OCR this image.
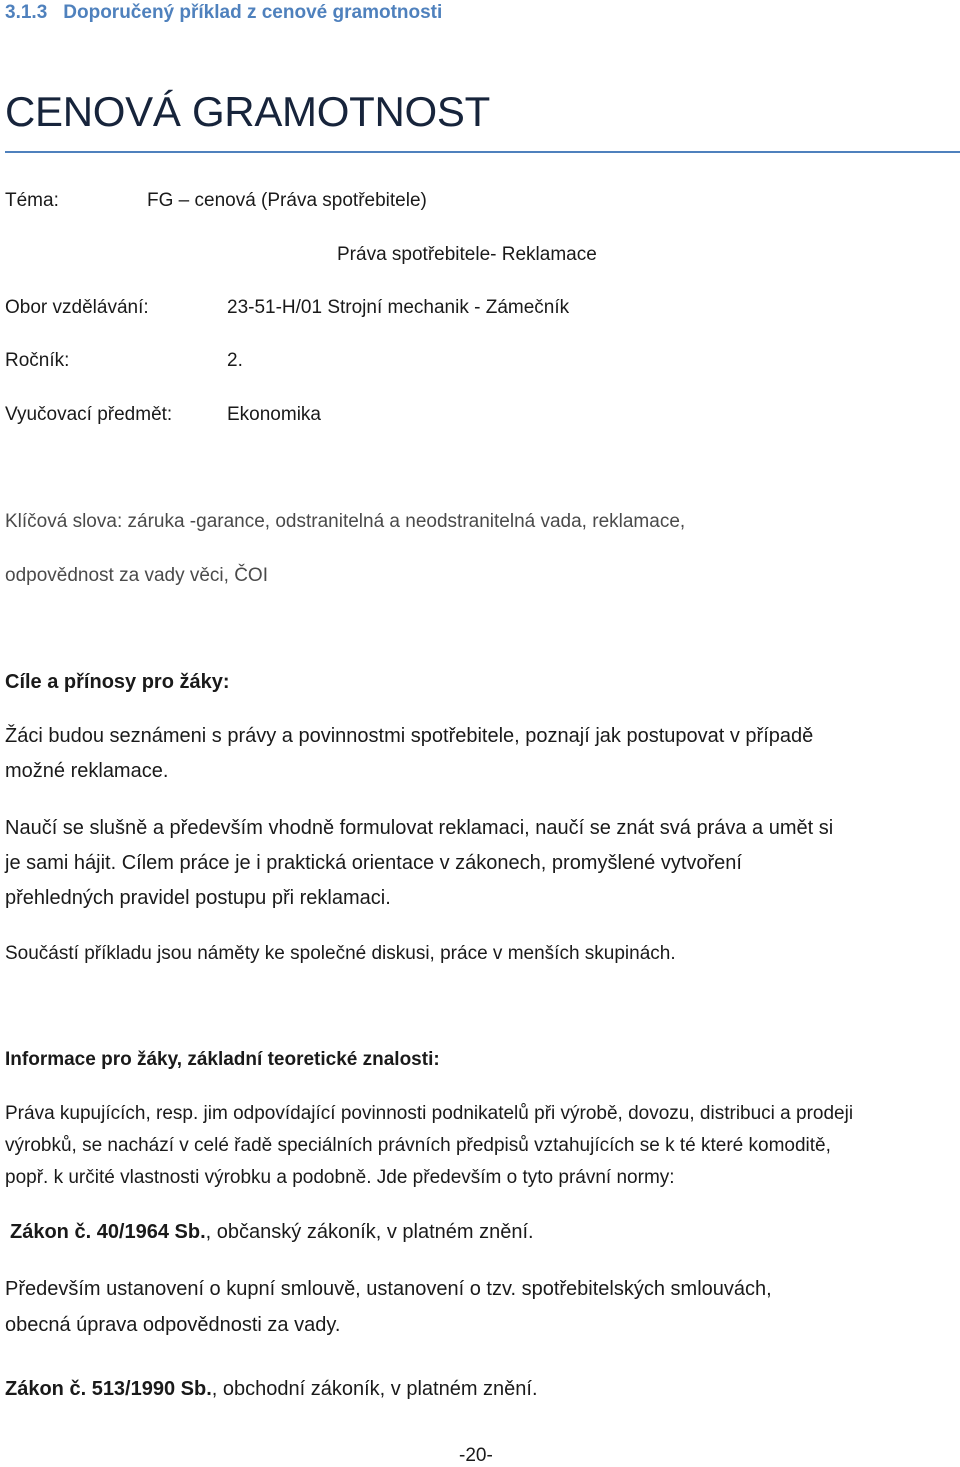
3.1.3 Doporučený příklad z cenové gramotnosti
CENOVÁ GRAMOTNOST
Téma:	FG – cenová (Práva spotřebitele)
Práva spotřebitele- Reklamace
Obor vzdělávání:	23-51-H/01 Strojní mechanik - Zámečník
Ročník:	2.
Vyučovací předmět:	Ekonomika
Klíčová slova: záruka -garance, odstranitelná a neodstranitelná vada, reklamace,
odpovědnost za vady věci, ČOI
Cíle a přínosy pro žáky:
Žáci budou seznámeni s právy a povinnostmi spotřebitele, poznají jak postupovat v případě
možné reklamace.
Naučí se slušně a především vhodně formulovat reklamaci, naučí se znát svá práva a umět si
je sami hájit. Cílem práce je i praktická orientace v zákonech, promyšlené vytvoření
přehledných pravidel postupu při reklamaci.
Součástí příkladu jsou náměty ke společné diskusi, práce v menších skupinách.
Informace pro žáky, základní teoretické znalosti:
Práva kupujících, resp. jim odpovídající povinnosti podnikatelů při výrobě, dovozu, distribuci a prodeji
výrobků, se nachází v celé řadě speciálních právních předpisů vztahujících se k té které komoditě,
popř. k určité vlastnosti výrobku a podobně. Jde především o tyto právní normy:
Zákon č. 40/1964 Sb., občanský zákoník, v platném znění.
Především ustanovení o kupní smlouvě, ustanovení o tzv. spotřebitelských smlouvách,
obecná úprava odpovědnosti za vady.
Zákon č. 513/1990 Sb., obchodní zákoník, v platném znění.
-20-
